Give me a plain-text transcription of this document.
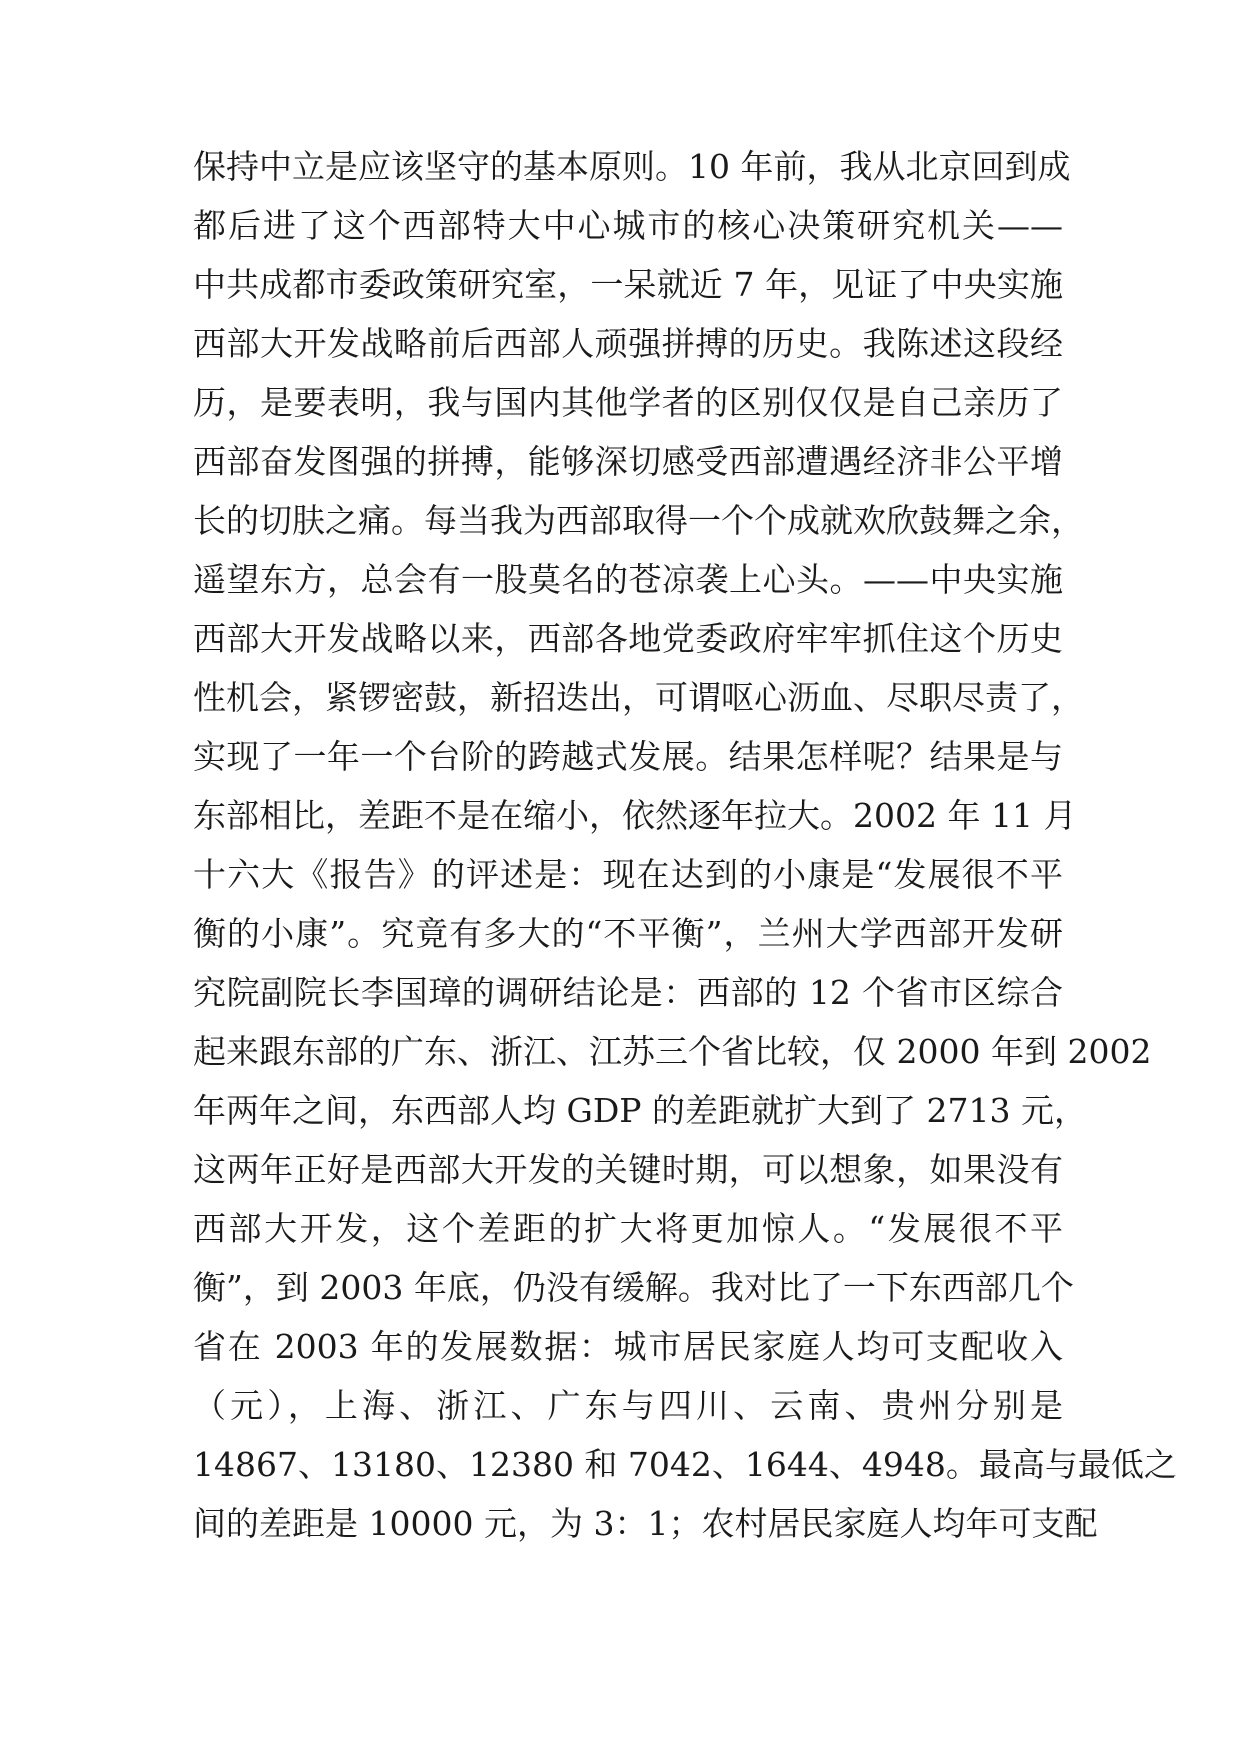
保持中立是应该坚守的基本原则。10 年前，我从北京回到成
都后进了这个西部特大中心城市的核心决策研究机关——
中共成都市委政策研究室，一呆就近 7 年，见证了中央实施
西部大开发战略前后西部人顽强拼搏的历史。我陈述这段经
历，是要表明，我与国内其他学者的区别仅仅是自己亲历了
西部奋发图强的拼搏，能够深切感受西部遭遇经济非公平增
长的切肤之痛。每当我为西部取得一个个成就欢欣鼓舞之余，
遥望东方，总会有一股莫名的苍凉袭上心头。——中央实施
西部大开发战略以来，西部各地党委政府牢牢抓住这个历史
性机会，紧锣密鼓，新招迭出，可谓呕心沥血、尽职尽责了，
实现了一年一个台阶的跨越式发展。结果怎样呢？结果是与
东部相比，差距不是在缩小，依然逐年拉大。2002 年 11 月
十六大《报告》的评述是：现在达到的小康是“发展很不平
衡的小康”。究竟有多大的“不平衡”，兰州大学西部开发研
究院副院长李国璋的调研结论是：西部的 12 个省市区综合
起来跟东部的广东、浙江、江苏三个省比较，仅 2000 年到 2002
年两年之间，东西部人均 GDP 的差距就扩大到了 2713 元，
这两年正好是西部大开发的关键时期，可以想象，如果没有
西部大开发，这个差距的扩大将更加惊人。“发展很不平
衡”，到 2003 年底，仍没有缓解。我对比了一下东西部几个
省在 2003 年的发展数据：城市居民家庭人均可支配收入
（元），上海、浙江、广东与四川、云南、贵州分别是
14867、13180、12380 和 7042、1644、4948。最高与最低之
间的差距是 10000 元，为 3：1；农村居民家庭人均年可支配
